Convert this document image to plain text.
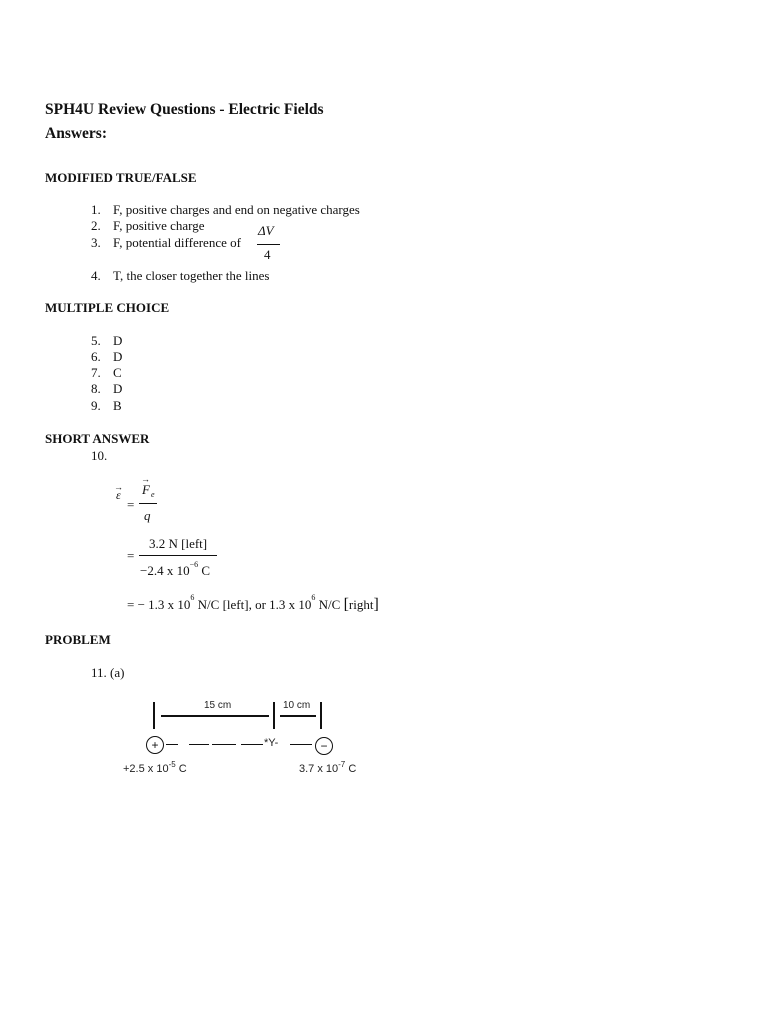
SPH4U Review Questions - Electric Fields
Answers:
MODIFIED TRUE/FALSE
1. F, positive charges and end on negative charges
2. F, positive charge
3. F, potential difference of
ΔV
4
4. T, the closer together the lines
MULTIPLE CHOICE
5. D
6. D
7. C
8. D
9. B
SHORT ANSWER
10.
ε
→
=
→
F e
q
=
3.2 N [left]
−2.4 x $10^{-6}$ C
= − 1.3 x $10^6$ N/C [left], or 1.3 x $10^6$ N/C [right]
PROBLEM
11. (a)
15 cm	10 cm
+	−
*Y-
+2.5 x $10^{-5}$ C	3.7 x $10^{-7}$ C
